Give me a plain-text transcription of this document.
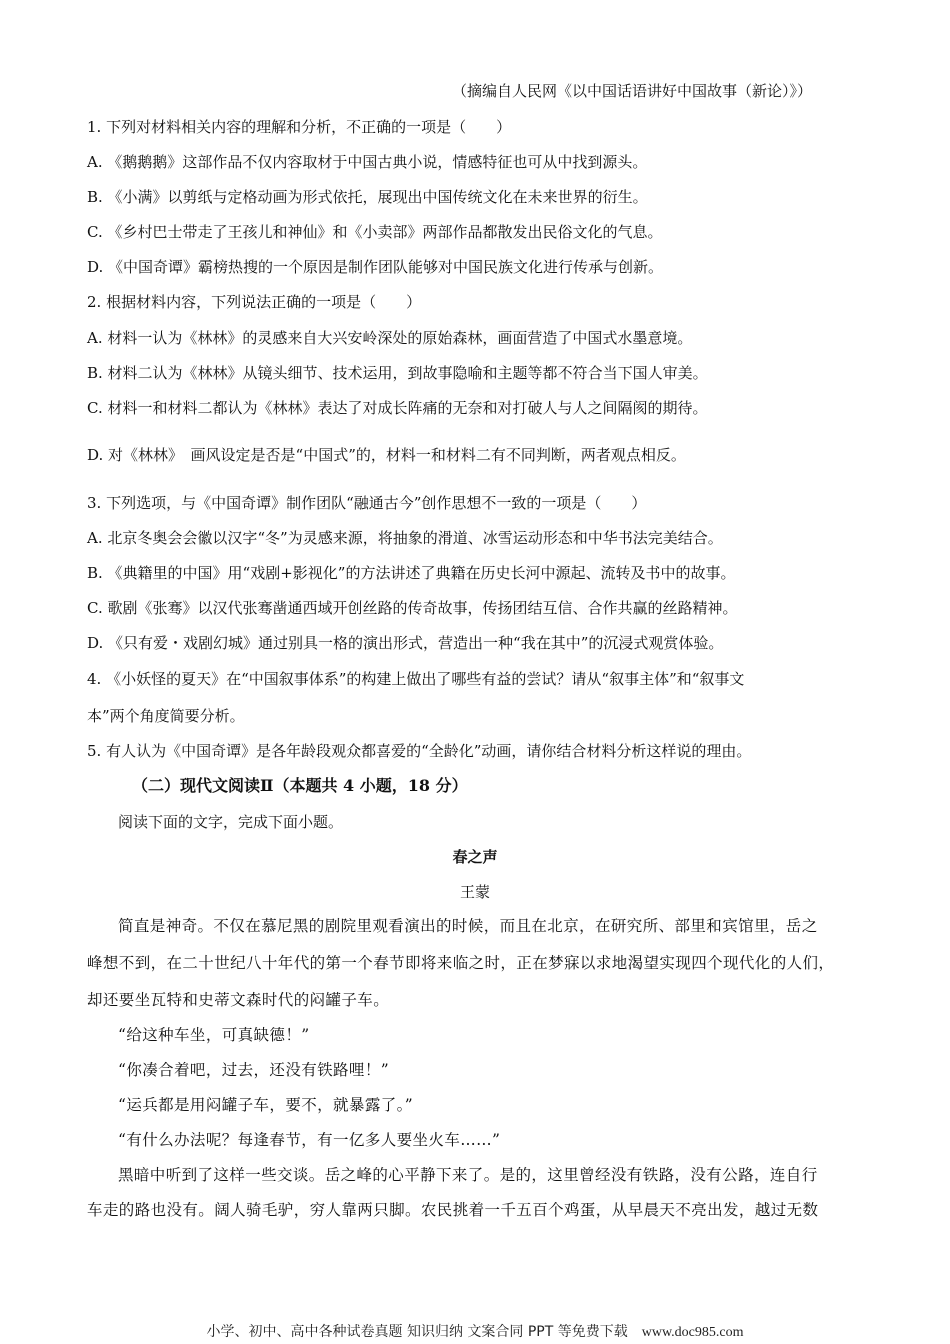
（摘编自人民网《以中国话语讲好中国故事（新论）》）
1. 下列对材料相关内容的理解和分析，不正确的一项是（　　）
A. 《鹅鹅鹅》这部作品不仅内容取材于中国古典小说，情感特征也可从中找到源头。
B. 《小满》以剪纸与定格动画为形式依托，展现出中国传统文化在未来世界的衍生。
C. 《乡村巴士带走了王孩儿和神仙》和《小卖部》两部作品都散发出民俗文化的气息。
D. 《中国奇谭》霸榜热搜的一个原因是制作团队能够对中国民族文化进行传承与创新。
2. 根据材料内容，下列说法正确的一项是（　　）
A. 材料一认为《林林》的灵感来自大兴安岭深处的原始森林，画面营造了中国式水墨意境。
B. 材料二认为《林林》从镜头细节、技术运用，到故事隐喻和主题等都不符合当下国人审美。
C. 材料一和材料二都认为《林林》表达了对成长阵痛的无奈和对打破人与人之间隔阂的期待。
D. 对《林林》　画风设定是否是“中国式”的，材料一和材料二有不同判断，两者观点相反。
3. 下列选项，与《中国奇谭》制作团队“融通古今”创作思想不一致的一项是（　　）
A. 北京冬奥会会徽以汉字“冬”为灵感来源，将抽象的滑道、冰雪运动形态和中华书法完美结合。
B. 《典籍里的中国》用“戏剧+影视化”的方法讲述了典籍在历史长河中源起、流转及书中的故事。
C. 歌剧《张骞》以汉代张骞凿通西域开创丝路的传奇故事，传扬团结互信、合作共赢的丝路精神。
D. 《只有爱・戏剧幻城》通过别具一格的演出形式，营造出一种“我在其中”的沉浸式观赏体验。
4. 《小妖怪的夏天》在“中国叙事体系”的构建上做出了哪些有益的尝试？请从“叙事主体”和“叙事文
本”两个角度简要分析。
5. 有人认为《中国奇谭》是各年龄段观众都喜爱的“全龄化”动画，请你结合材料分析这样说的理由。
（二）现代文阅读Ⅱ（本题共 4 小题，18 分）
阅读下面的文字，完成下面小题。
春之声
王蒙
简直是神奇。不仅在慕尼黑的剧院里观看演出的时候，而且在北京，在研究所、部里和宾馆里，岳之
峰想不到，在二十世纪八十年代的第一个春节即将来临之时，正在梦寐以求地渴望实现四个现代化的人们，
却还要坐瓦特和史蒂文森时代的闷罐子车。
“给这种车坐，可真缺德！”
“你凑合着吧，过去，还没有铁路哩！”
“运兵都是用闷罐子车，要不，就暴露了。”
“有什么办法呢？每逢春节，有一亿多人要坐火车……”
黑暗中听到了这样一些交谈。岳之峰的心平静下来了。是的，这里曾经没有铁路，没有公路，连自行
车走的路也没有。阔人骑毛驴，穷人靠两只脚。农民挑着一千五百个鸡蛋，从早晨天不亮出发，越过无数
小学、初中、高中各种试卷真题 知识归纳 文案合同 PPT 等免费下载 www.doc985.com
